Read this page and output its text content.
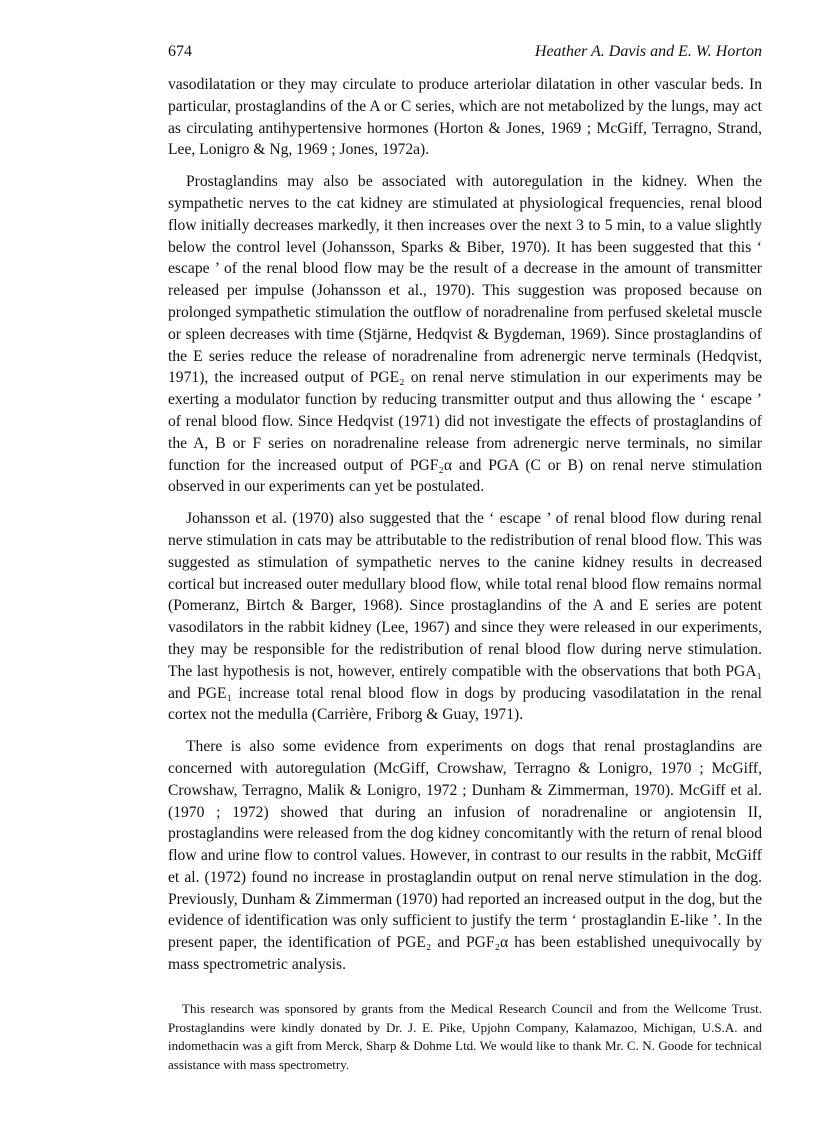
674	Heather A. Davis and E. W. Horton

vasodilatation or they may circulate to produce arteriolar dilatation in other vascular beds. In particular, prostaglandins of the A or C series, which are not metabolized by the lungs, may act as circulating antihypertensive hormones (Horton & Jones, 1969 ; McGiff, Terragno, Strand, Lee, Lonigro & Ng, 1969 ; Jones, 1972a).

Prostaglandins may also be associated with autoregulation in the kidney. When the sympathetic nerves to the cat kidney are stimulated at physiological frequencies, renal blood flow initially decreases markedly, it then increases over the next 3 to 5 min, to a value slightly below the control level (Johansson, Sparks & Biber, 1970). It has been suggested that this ‘ escape ’ of the renal blood flow may be the result of a decrease in the amount of transmitter released per impulse (Johansson et al., 1970). This suggestion was proposed because on prolonged sympathetic stimulation the outflow of noradrenaline from perfused skeletal muscle or spleen decreases with time (Stjärne, Hedqvist & Bygdeman, 1969). Since prostaglandins of the E series reduce the release of noradrenaline from adrenergic nerve terminals (Hedqvist, 1971), the increased output of PGE₂ on renal nerve stimulation in our experiments may be exerting a modulator function by reducing transmitter output and thus allowing the ‘ escape ’ of renal blood flow. Since Hedqvist (1971) did not investigate the effects of prostaglandins of the A, B or F series on noradrenaline release from adrenergic nerve terminals, no similar function for the increased output of PGF₂α and PGA (C or B) on renal nerve stimulation observed in our experiments can yet be postulated.

Johansson et al. (1970) also suggested that the ‘ escape ’ of renal blood flow during renal nerve stimulation in cats may be attributable to the redistribution of renal blood flow. This was suggested as stimulation of sympathetic nerves to the canine kidney results in decreased cortical but increased outer medullary blood flow, while total renal blood flow remains normal (Pomeranz, Birtch & Barger, 1968). Since prostaglandins of the A and E series are potent vasodilators in the rabbit kidney (Lee, 1967) and since they were released in our experiments, they may be responsible for the redistribution of renal blood flow during nerve stimulation. The last hypothesis is not, however, entirely compatible with the observations that both PGA₁ and PGE₁ increase total renal blood flow in dogs by producing vasodilatation in the renal cortex not the medulla (Carrière, Friborg & Guay, 1971).

There is also some evidence from experiments on dogs that renal prostaglandins are concerned with autoregulation (McGiff, Crowshaw, Terragno & Lonigro, 1970 ; McGiff, Crowshaw, Terragno, Malik & Lonigro, 1972 ; Dunham & Zimmerman, 1970). McGiff et al. (1970 ; 1972) showed that during an infusion of noradrenaline or angiotensin II, prostaglandins were released from the dog kidney concomitantly with the return of renal blood flow and urine flow to control values. However, in contrast to our results in the rabbit, McGiff et al. (1972) found no increase in prostaglandin output on renal nerve stimulation in the dog. Previously, Dunham & Zimmerman (1970) had reported an increased output in the dog, but the evidence of identification was only sufficient to justify the term ‘ prostaglandin E-like ’. In the present paper, the identification of PGE₂ and PGF₂α has been established unequivocally by mass spectrometric analysis.

This research was sponsored by grants from the Medical Research Council and from the Wellcome Trust. Prostaglandins were kindly donated by Dr. J. E. Pike, Upjohn Company, Kalamazoo, Michigan, U.S.A. and indomethacin was a gift from Merck, Sharp & Dohme Ltd. We would like to thank Mr. C. N. Goode for technical assistance with mass spectrometry.
